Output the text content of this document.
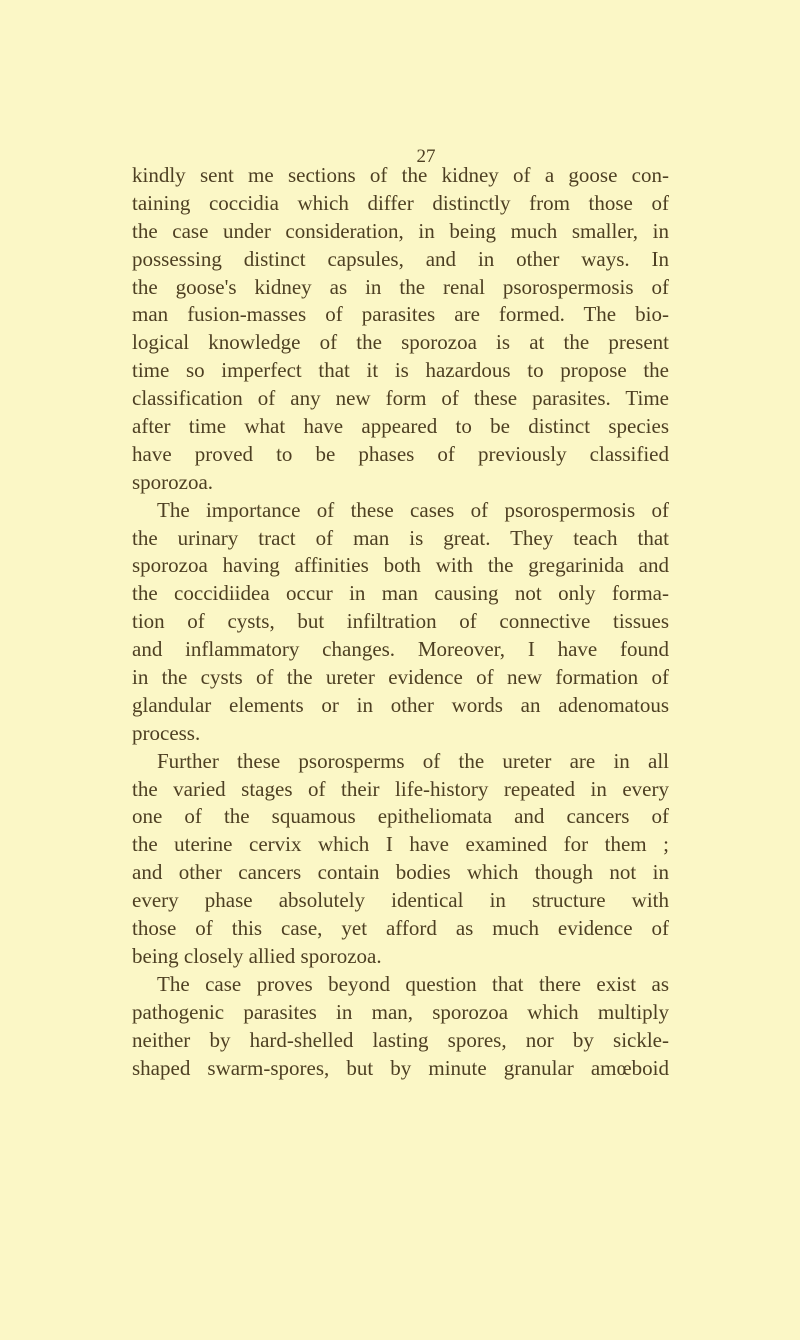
27
kindly sent me sections of the kidney of a goose con-
taining coccidia which differ distinctly from those of
the case under consideration, in being much smaller, in
possessing distinct capsules, and in other ways. In
the goose's kidney as in the renal psorospermosis of
man fusion-masses of parasites are formed. The bio-
logical knowledge of the sporozoa is at the present
time so imperfect that it is hazardous to propose the
classification of any new form of these parasites. Time
after time what have appeared to be distinct species
have proved to be phases of previously classified
sporozoa.
The importance of these cases of psorospermosis of
the urinary tract of man is great. They teach that
sporozoa having affinities both with the gregarinida and
the coccidiidea occur in man causing not only forma-
tion of cysts, but infiltration of connective tissues
and inflammatory changes. Moreover, I have found
in the cysts of the ureter evidence of new formation of
glandular elements or in other words an adenomatous
process.
Further these psorosperms of the ureter are in all
the varied stages of their life-history repeated in every
one of the squamous epitheliomata and cancers of
the uterine cervix which I have examined for them ;
and other cancers contain bodies which though not in
every phase absolutely identical in structure with
those of this case, yet afford as much evidence of
being closely allied sporozoa.
The case proves beyond question that there exist as
pathogenic parasites in man, sporozoa which multiply
neither by hard-shelled lasting spores, nor by sickle-
shaped swarm-spores, but by minute granular amœboid
